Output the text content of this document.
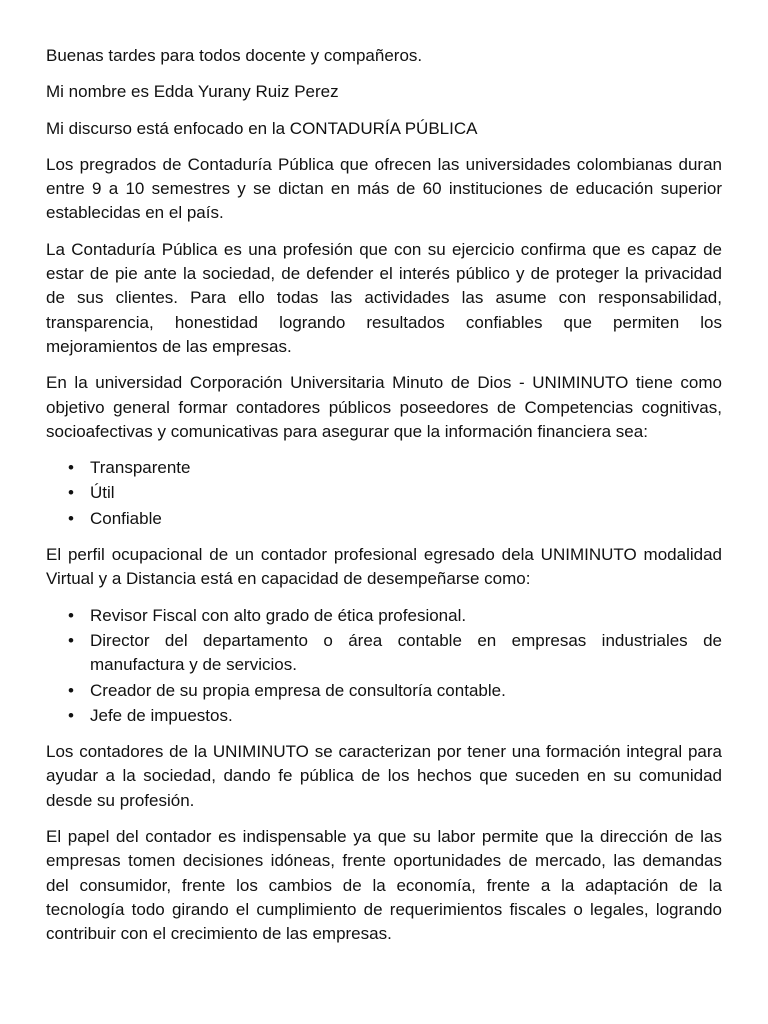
Buenas tardes para todos docente y compañeros.

Mi nombre es Edda Yurany Ruiz Perez

Mi discurso está enfocado en la CONTADURÍA PÚBLICA

Los pregrados de Contaduría Pública que ofrecen las universidades colombianas duran entre 9 a 10 semestres y se dictan en más de 60 instituciones de educación superior establecidas en el país.

La Contaduría Pública es una profesión que con su ejercicio confirma que es capaz de estar de pie ante la sociedad, de defender el interés público y de proteger la privacidad de sus clientes. Para ello todas las actividades las asume con responsabilidad, transparencia, honestidad logrando resultados confiables que permiten los mejoramientos de las empresas.

En la universidad Corporación Universitaria Minuto de Dios - UNIMINUTO tiene como objetivo general formar contadores públicos poseedores de Competencias cognitivas, socioafectivas y comunicativas para asegurar que la información financiera sea:

• Transparente
• Útil
• Confiable

El perfil ocupacional de un contador profesional egresado dela UNIMINUTO modalidad Virtual y a Distancia está en capacidad de desempeñarse como:

• Revisor Fiscal con alto grado de ética profesional.
• Director del departamento o área contable en empresas industriales de manufactura y de servicios.
• Creador de su propia empresa de consultoría contable.
• Jefe de impuestos.

Los contadores de la UNIMINUTO se caracterizan por tener una formación integral para ayudar a la sociedad, dando fe pública de los hechos que suceden en su comunidad desde su profesión.

El papel del contador es indispensable ya que su labor permite que la dirección de las empresas tomen decisiones idóneas, frente oportunidades de mercado, las demandas del consumidor, frente los cambios de la economía, frente a la adaptación de la tecnología todo girando el cumplimiento de requerimientos fiscales o legales, logrando contribuir con el crecimiento de las empresas.
